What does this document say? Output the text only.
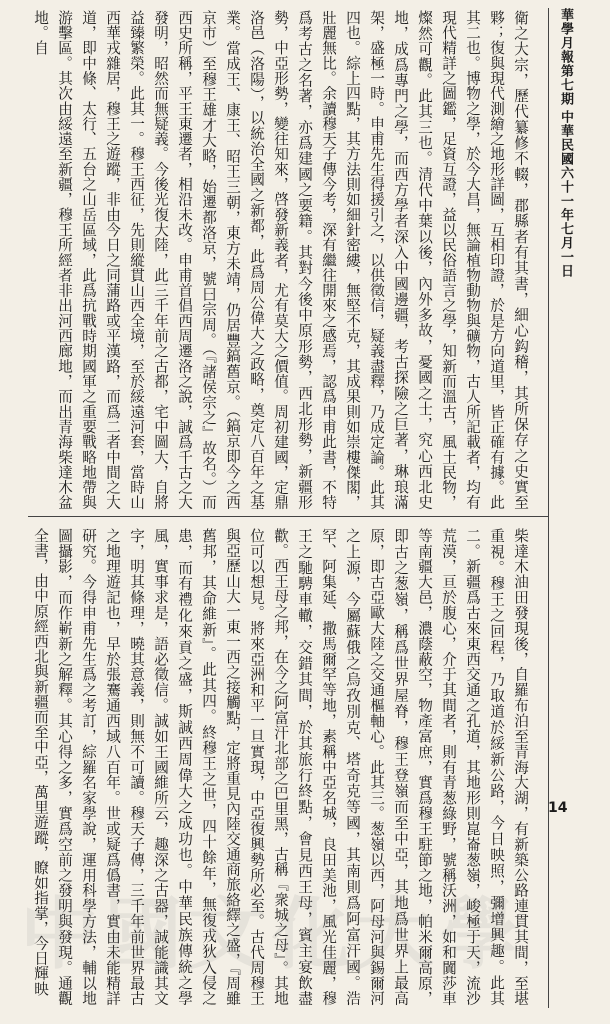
華學月報第七期
中華民國六十一年七月一日
14

衛之大宗，歷代纂修不輟，郡縣者有其書，細心鈎稽，其所保存之史實至夥；復與現代測繪之地形詳圖，互相印證，於是方向道里，皆正確有據。此其二也。博物之學，於今大昌，無論植物動物與礦物，古人所記載者，均有現代精詳之圖鑑，足資互證，益以民俗語言之學，知新而溫古，風土民物，燦然可觀。此其三也。清代中葉以後，內外多故，憂國之士，究心西北史地，成爲專門之學，而西方學者深入中國邊疆，考古探險之巨著，琳琅滿架，盛極一時。申甫先生得援引之，以供徵信，疑義盡釋，乃成定論。此其四也。綜上四點，其方法則如細針密縷，無堅不克，其成果則如崇樓傑閣，壯麗無比。余讀穆天子傳今考，深有繼往開來之感焉，認爲申甫此書，不特爲考古之名著，亦爲建國之要籍。其對今後中原形勢，西北形勢，新疆形勢，中亞形勢，變往知來，啓發新義者，尤有莫大之價值。周初建國，定鼎洛邑（洛陽），以統治全國之新都，此爲周公偉大之政略，奠定八百年之基業。當成王、康王、昭王三朝，東方未靖，仍居豐鎬舊京。（鎬京即今之西京市）至穆王雄才大略，始遷都洛京，號曰宗周。（『諸侯宗之』故名。）而西史所稱，平王東遷者，相沿未改。申甫首倡西周遷洛之說，誠爲千古之大發明，昭然而無疑義。今後光復大陸，此三千年前之古都，宅中圖大，自將益臻繁榮。此其一。穆王西征，先則縱貫山西全境，至於綏遠河套，當時山西華戎雜居，穆王之遊蹤，非由今日之同蒲路或平漢路，而爲二者中間之大道，即中條、太行、五台之山岳區域，此爲抗戰時期國軍之重要戰略地帶與游擊區。其次由綏遠至新疆，穆王所經者非出河西廊地，而出青海柴達木盆地。自

柴達木油田發現後，自羅布泊至青海大湖，有新築公路連貫其間，至堪重視。穆王之回程，乃取道於綏新公路，今日映照，彌增興趣。此其二。新疆爲古來東西交通之孔道，其地形則崑崙葱嶺，峻極于天，流沙荒漠，亘於腹心，介于其間者，則有青葱綠野，號稱沃洲，如和闐莎車等南疆大邑，濃蔭蔽空，物產富庶，實爲穆王駐節之地，帕米爾高原，即古之葱嶺，稱爲世界屋脊，穆王登嶺而至中亞，其地爲世界上最高原，即古亞歐大陸之交通樞軸心。此其三。葱嶺以西，阿母河與錫爾河之上源，今屬蘇俄之烏孜別克、塔奇克等國，其南則爲阿富汗國。浩罕、阿集延、撒馬爾罕等地，素稱中亞名城，良田美池，風光佳麗，穆王之馳騁車轍，交錯其間，於其旅行終點，會見西王母，賓主宴飲盡歡。西王母之邦，在今之阿富汗北部之巴里黑，古稱『衆城之母』。其地位可以想見。將來亞洲和平一旦實現，中亞復興勢所必至。古代周穆王與亞歷山大一東一西之接觸點，定將重見內陸交通商旅絡繹之盛，『周雖舊邦，其命維新』。此其四。終穆王之世，四十餘年，無復戎狄入侵之患，而有禮化來貢之盛，斯誠西周偉大之成功也。中華民族傳統之學風，實事求是，語必徵信。誠如王國維所云，趣深之古器，誠能識其文字，明其條理，曉其意義，則無不可讀。穆天子傳，三千年前世界最古之地理遊記也，早於張騫通西域八百年。世或疑爲僞書，實由未能精詳研究。今得申甫先生爲之考訂，綜羅名家學說，運用科學方法，輔以地圖攝影，而作嶄新之解釋。其心得之多，實爲空前之發明與發現。通觀全書，由中原經西北與新疆而至中亞，萬里遊蹤，瞭如指掌，今日輝映

中國文化大學
